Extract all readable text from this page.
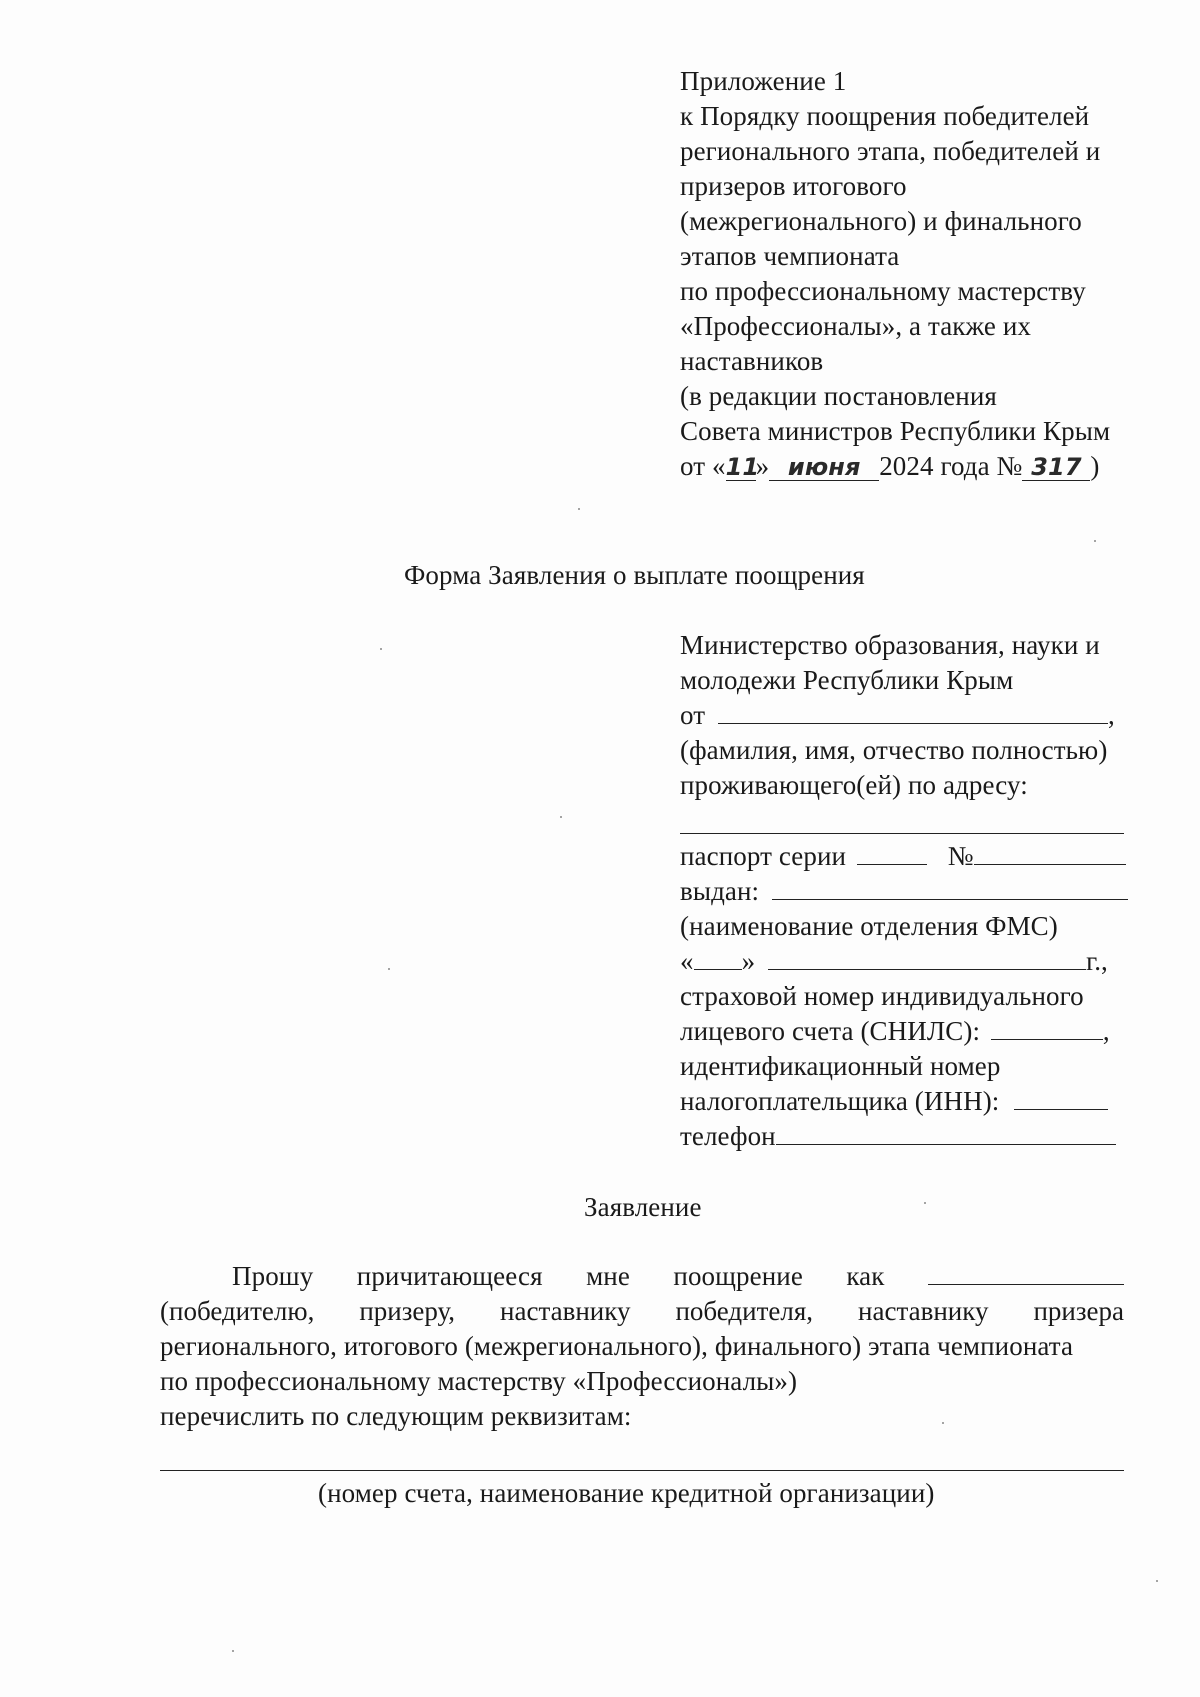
Приложение 1
к Порядку поощрения победителей
регионального этапа, победителей и
призеров итогового
(межрегионального) и финального
этапов чемпионата
по профессиональному мастерству
«Профессионалы», а также их
наставников
(в редакции постановления
Совета министров Республики Крым
от «11» июня 2024 года № 317 )
Форма Заявления о выплате поощрения
Министерство образования, науки и
молодежи Республики Крым
от	,
(фамилия, имя, отчество полностью)
проживающего(ей) по адресу:
паспорт серии	№
выдан:
(наименование отделения ФМС)
« »	г.,
страховой номер индивидуального
лицевого счета (СНИЛС):	,
идентификационный номер
налогоплательщика (ИНН):
телефон
Заявление
Прошу причитающееся мне поощрение как
(победителю, призеру, наставнику победителя, наставнику призера
регионального, итогового (межрегионального), финального) этапа чемпионата
по профессиональному мастерству «Профессионалы»)
перечислить по следующим реквизитам:
(номер счета, наименование кредитной организации)
